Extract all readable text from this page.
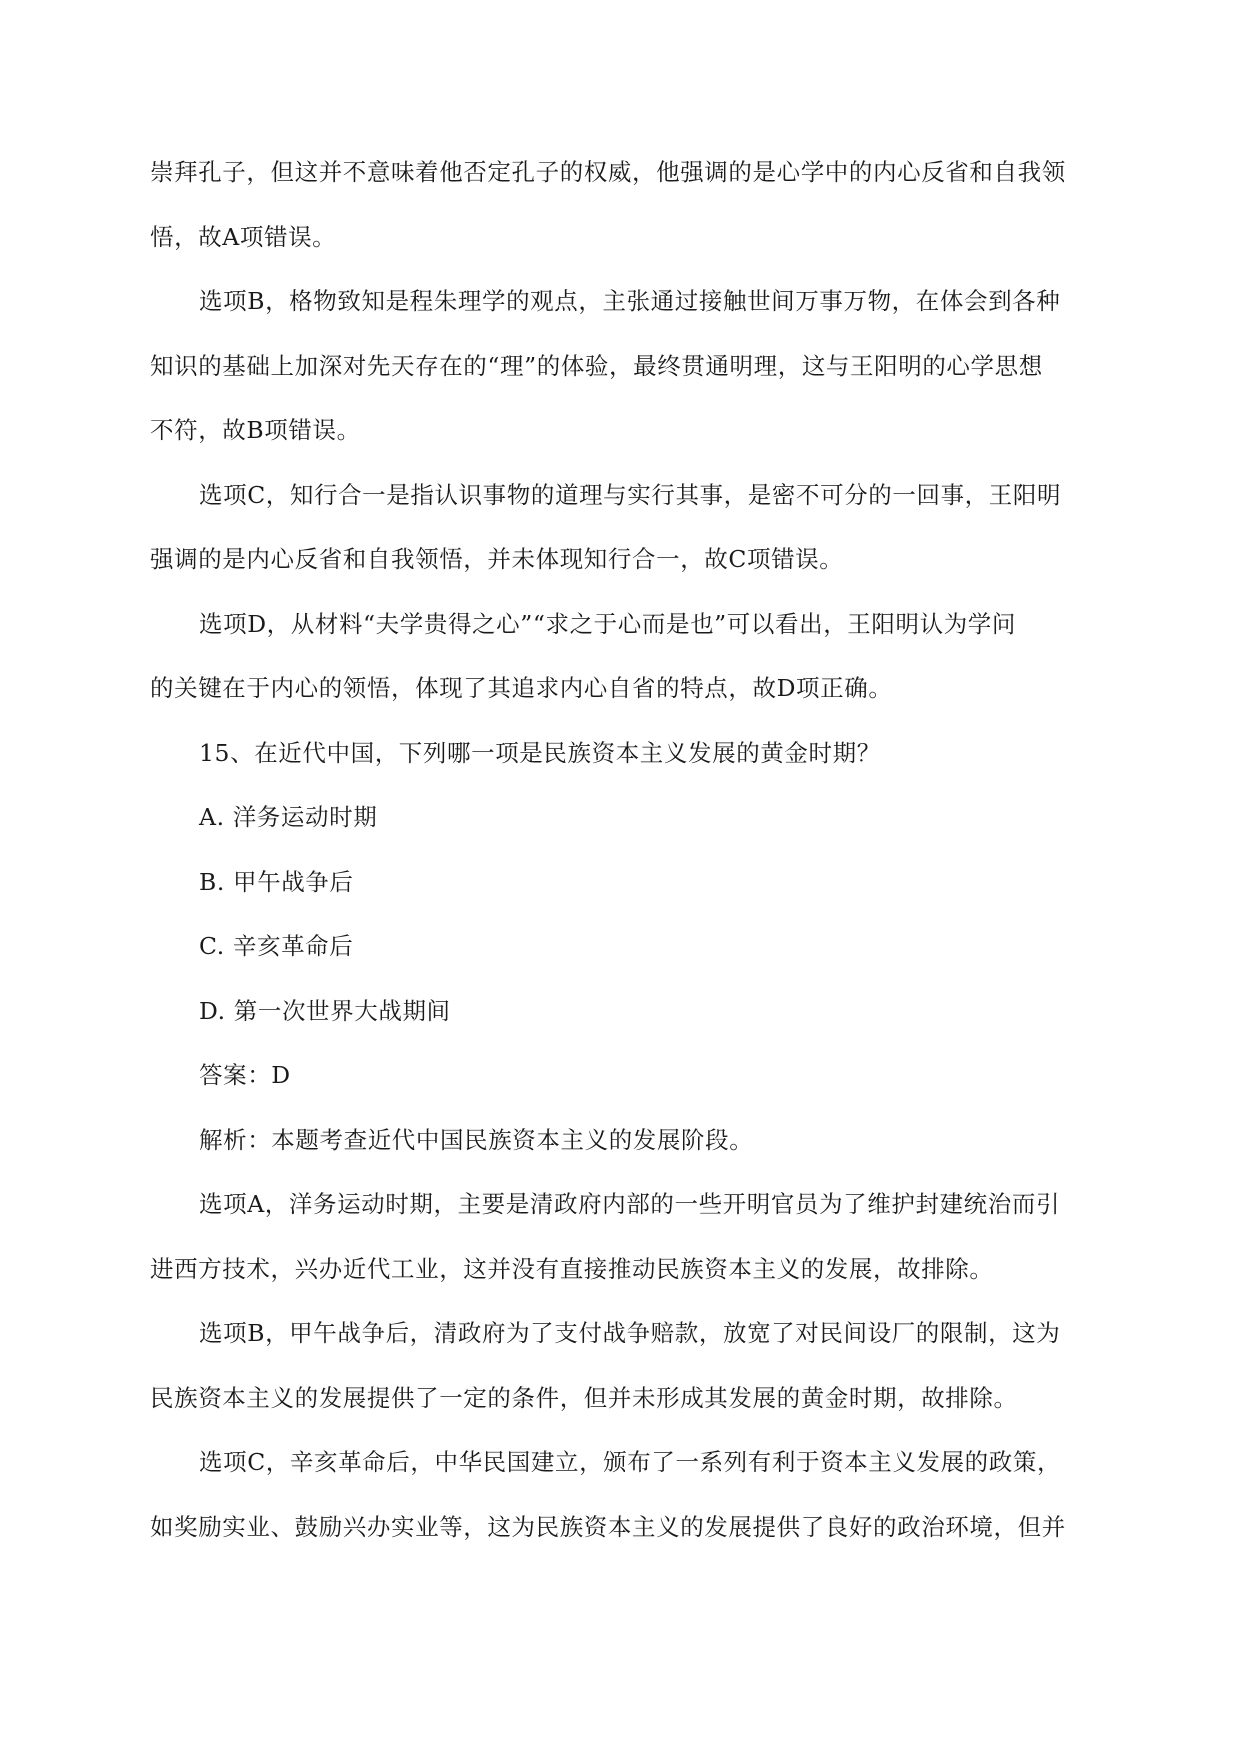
崇拜孔子，但这并不意味着他否定孔子的权威，他强调的是心学中的内心反省和自我领
悟，故A项错误。
选项B，格物致知是程朱理学的观点，主张通过接触世间万事万物，在体会到各种
知识的基础上加深对先天存在的“理”的体验，最终贯通明理，这与王阳明的心学思想
不符，故B项错误。
选项C，知行合一是指认识事物的道理与实行其事，是密不可分的一回事，王阳明
强调的是内心反省和自我领悟，并未体现知行合一，故C项错误。
选项D，从材料“夫学贵得之心”“求之于心而是也”可以看出，王阳明认为学问
的关键在于内心的领悟，体现了其追求内心自省的特点，故D项正确。
15、在近代中国，下列哪一项是民族资本主义发展的黄金时期？
A. 洋务运动时期
B. 甲午战争后
C. 辛亥革命后
D. 第一次世界大战期间
答案：D
解析：本题考查近代中国民族资本主义的发展阶段。
选项A，洋务运动时期，主要是清政府内部的一些开明官员为了维护封建统治而引
进西方技术，兴办近代工业，这并没有直接推动民族资本主义的发展，故排除。
选项B，甲午战争后，清政府为了支付战争赔款，放宽了对民间设厂的限制，这为
民族资本主义的发展提供了一定的条件，但并未形成其发展的黄金时期，故排除。
选项C，辛亥革命后，中华民国建立，颁布了一系列有利于资本主义发展的政策，
如奖励实业、鼓励兴办实业等，这为民族资本主义的发展提供了良好的政治环境，但并
